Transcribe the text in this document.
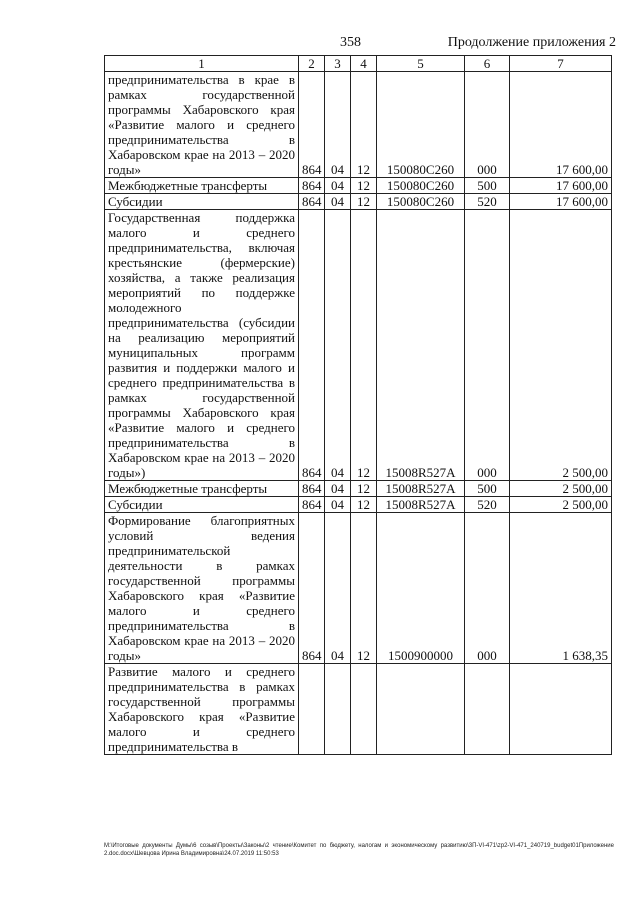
358	Продолжение приложения 2
1	2	3	4	5	6	7
предпринимательства в крае в рамках государственной программы Хабаровского края «Развитие малого и среднего предпринимательства в Хабаровском крае на 2013 – 2020 годы»	864	04	12	150080С260	000	17 600,00
Межбюджетные трансферты	864	04	12	150080С260	500	17 600,00
Субсидии	864	04	12	150080С260	520	17 600,00
Государственная поддержка малого и среднего предпринимательства, включая крестьянские (фермерские) хозяйства, а также реализация мероприятий по поддержке молодежного предпринимательства (субсидии на реализацию мероприятий муниципальных программ развития и поддержки малого и среднего предпринимательства в рамках государственной программы Хабаровского края «Развитие малого и среднего предпринимательства в Хабаровском крае на 2013 – 2020 годы»)	864	04	12	15008R527A	000	2 500,00
Межбюджетные трансферты	864	04	12	15008R527A	500	2 500,00
Субсидии	864	04	12	15008R527A	520	2 500,00
Формирование благоприятных условий ведения предпринимательской деятельности в рамках государственной программы Хабаровского края «Развитие малого и среднего предпринимательства в Хабаровском крае на 2013 – 2020 годы»	864	04	12	1500900000	000	1 638,35
Развитие малого и среднего предпринимательства в рамках государственной программы Хабаровского края «Развитие малого и среднего предпринимательства в						
М:\Итоговые документы Думы\6 созыв\Проекты\Законы\2 чтение\Комитет по бюджету, налогам и экономическому развитию\3П-VI-471\zp2-VI-471_240719_budget01Приложение 2.doc.docx\Шевцова Ирина Владимировна\24.07.2019 11:50:53
